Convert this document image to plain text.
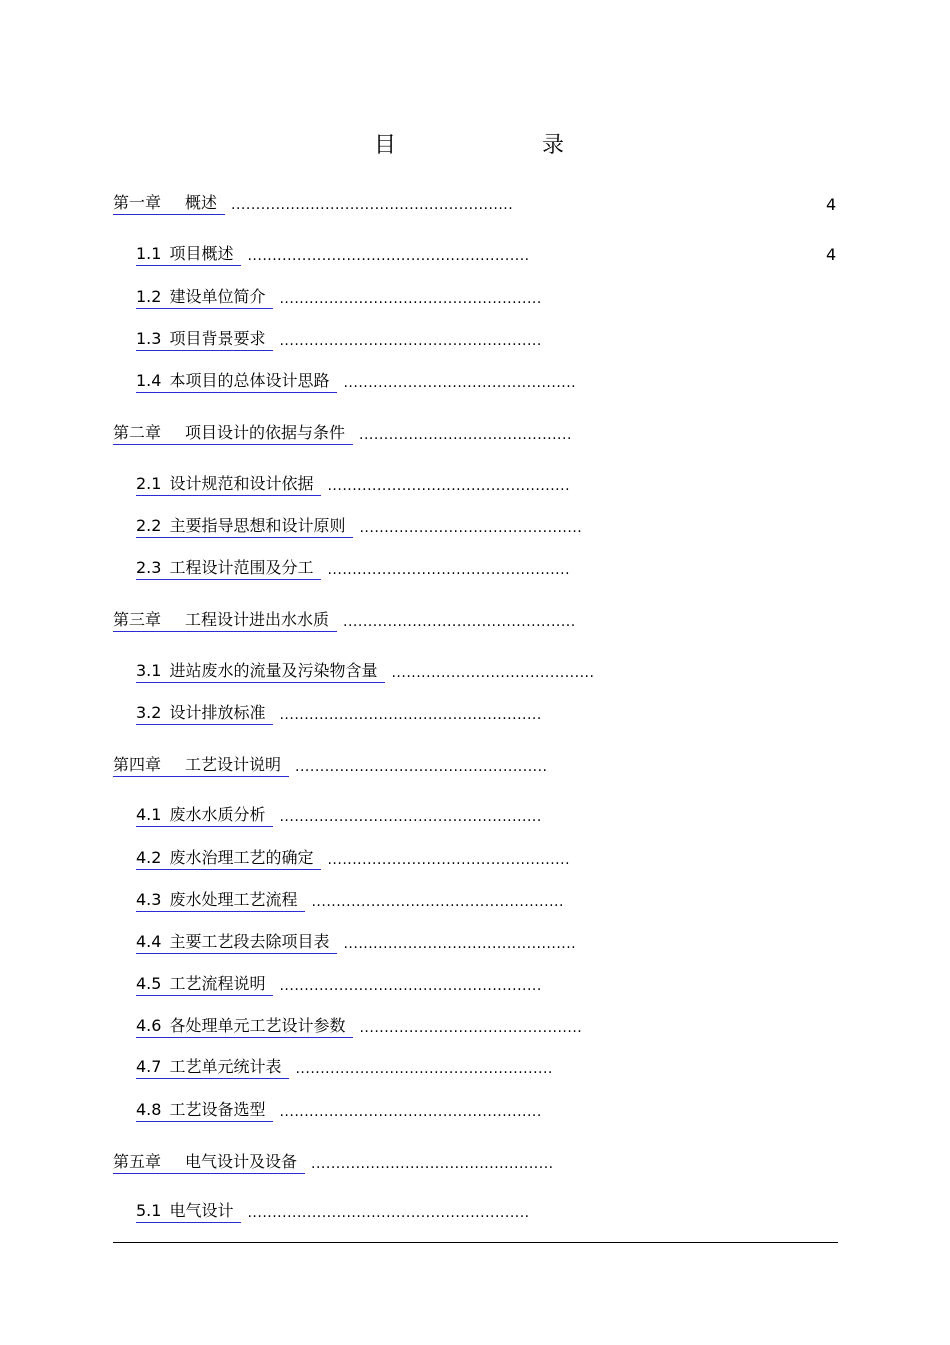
目　录
第一章 概述 .........................................................	4
1.1 项目概述 .........................................................	4
1.2 建设单位简介 .....................................................
1.3 项目背景要求 .....................................................
1.4 本项目的总体设计思路 ...............................................
第二章 项目设计的依据与条件 ...........................................
2.1 设计规范和设计依据 .................................................
2.2 主要指导思想和设计原则 .............................................
2.3 工程设计范围及分工 .................................................
第三章 工程设计进出水水质 ...............................................
3.1 进站废水的流量及污染物含量 .........................................
3.2 设计排放标准 .....................................................
第四章 工艺设计说明 ...................................................
4.1 废水水质分析 .....................................................
4.2 废水治理工艺的确定 .................................................
4.3 废水处理工艺流程 ...................................................
4.4 主要工艺段去除项目表 ...............................................
4.5 工艺流程说明 .....................................................
4.6 各处理单元工艺设计参数 .............................................
4.7 工艺单元统计表 ....................................................
4.8 工艺设备选型 .....................................................
第五章 电气设计及设备 .................................................
5.1 电气设计 .........................................................
